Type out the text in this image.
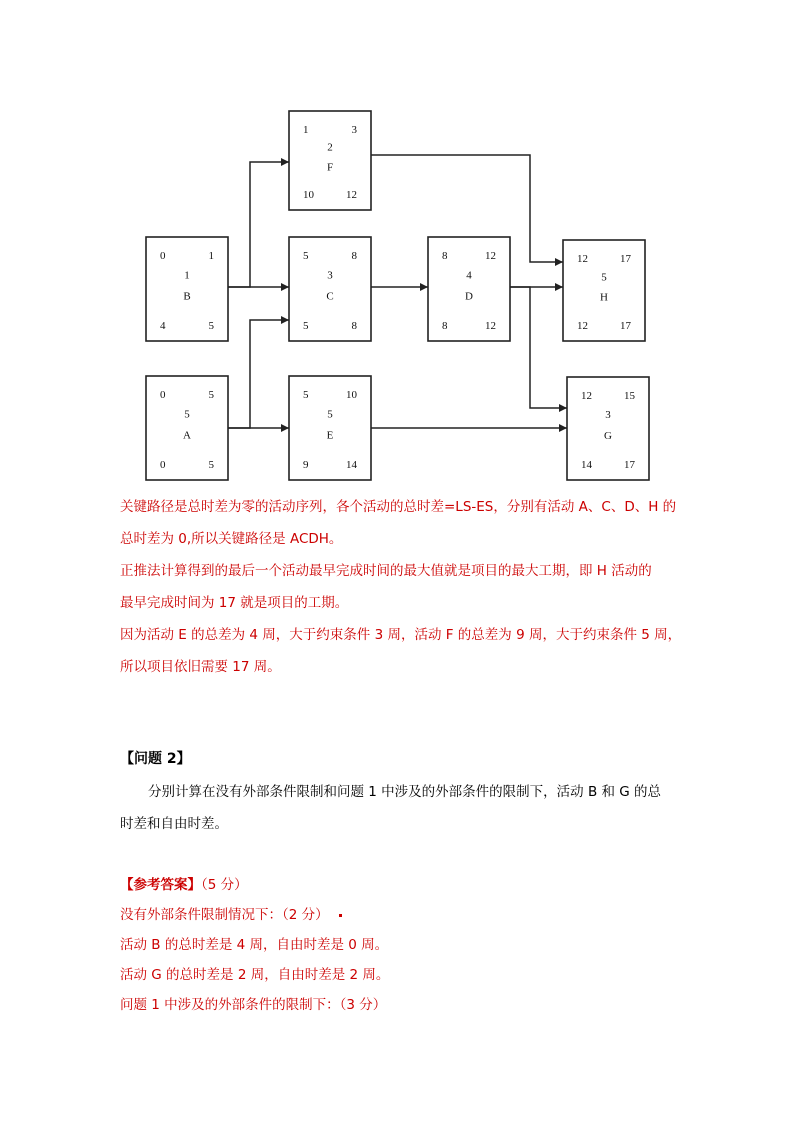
1	3
2
F
10	12
0	1
1
B
4	5
5	8
3
C
5	8
8	12
4
D
8	12
12	17
5
H
12	17
0	5
5
A
0	5
5	10
5
E
9	14
12	15
3
G
14	17
关键路径是总时差为零的活动序列，各个活动的总时差=LS-ES，分别有活动 A、C、D、H 的
总时差为 0,所以关键路径是 ACDH。
正推法计算得到的最后一个活动最早完成时间的最大值就是项目的最大工期，即 H 活动的
最早完成时间为 17 就是项目的工期。
因为活动 E 的总差为 4 周，大于约束条件 3 周，活动 F 的总差为 9 周，大于约束条件 5 周，
所以项目依旧需要 17 周。
【问题 2】
分别计算在没有外部条件限制和问题 1 中涉及的外部条件的限制下，活动 B 和 G 的总
时差和自由时差。
【参考答案】（5 分）
没有外部条件限制情况下：（2 分）
活动 B 的总时差是 4 周，自由时差是 0 周。
活动 G 的总时差是 2 周，自由时差是 2 周。
问题 1 中涉及的外部条件的限制下：（3 分）
